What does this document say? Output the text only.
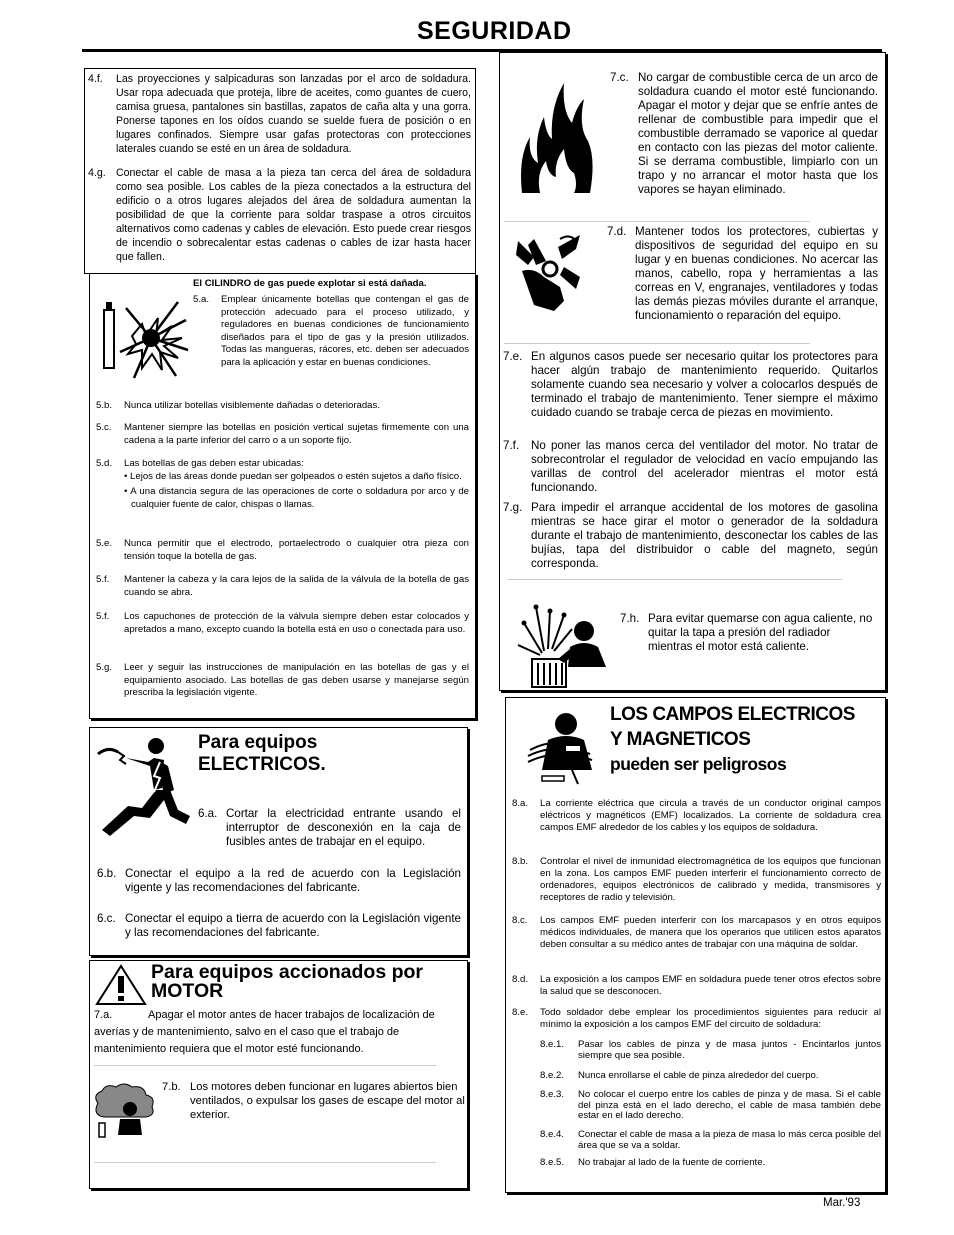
SEGURIDAD
4.f. Las proyecciones y salpicaduras son lanzadas por el arco de soldadura. Usar ropa adecuada que proteja, libre de aceites, como guantes de cuero, camisa gruesa, pantalones sin bastillas, zapatos de caña alta y una gorra. Ponerse tapones en los oídos cuando se suelde fuera de posición o en lugares confinados. Siempre usar gafas protectoras con protecciones laterales cuando se esté en un área de soldadura.
4.g. Conectar el cable de masa a la pieza tan cerca del área de soldadura como sea posible. Los cables de la pieza conectados a la estructura del edificio o a otros lugares alejados del área de soldadura aumentan la posibilidad de que la corriente para soldar traspase a otros circuitos alternativos como cadenas y cables de elevación. Esto puede crear riesgos de incendio o sobrecalentar estas cadenas o cables de izar hasta hacer que fallen.
El CILINDRO de gas puede explotar si está dañada.
5.a. Emplear únicamente botellas que contengan el gas de protección adecuado para el proceso utilizado, y reguladores en buenas condiciones de funcionamiento diseñados para el tipo de gas y la presión utilizados. Todas las mangueras, rácores, etc. deben ser adecuados para la aplicación y estar en buenas condiciones.
5.b. Nunca utilizar botellas visiblemente dañadas o deterioradas.
5.c. Mantener siempre las botellas en posición vertical sujetas firmemente con una cadena a la parte inferior del carro o a un soporte fijo.
5.d. Las botellas de gas deben estar ubicadas:
• Lejos de las áreas donde puedan ser golpeados o estén sujetos a daño físico.
• A una distancia segura de las operaciones de corte o soldadura por arco y de cualquier fuente de calor, chispas o llamas.
5.e. Nunca permitir que el electrodo, portaelectrodo o cualquier otra pieza con tensión toque la botella de gas.
5.f. Mantener la cabeza y la cara lejos de la salida de la válvula de la botella de gas cuando se abra.
5.f. Los capuchones de protección de la válvula siempre deben estar colocados y apretados a mano, excepto cuando la botella está en uso o conectada para uso.
5.g. Leer y seguir las instrucciones de manipulación en las botellas de gas y el equipamiento asociado. Las botellas de gas deben usarse y manejarse según prescriba la legislación vigente.
Para equipos
ELECTRICOS.
6.a. Cortar la electricidad entrante usando el interruptor de desconexión en la caja de fusibles antes de trabajar en el equipo.
6.b. Conectar el equipo a la red de acuerdo con la Legislación vigente y las recomendaciones del fabricante.
6.c. Conectar el equipo a tierra de acuerdo con la Legislación vigente y las recomendaciones del fabricante.
Para equipos accionados por
MOTOR
7.a.	Apagar el motor antes de hacer trabajos de localización de averías y de mantenimiento, salvo en el caso que el trabajo de mantenimiento requiera que el motor esté funcionando.
7.b. Los motores deben funcionar en lugares abiertos bien ventilados, o expulsar los gases de escape del motor al exterior.
7.c. No cargar de combustible cerca de un arco de soldadura cuando el motor esté funcionando. Apagar el motor y dejar que se enfríe antes de rellenar de combustible para impedir que el combustible derramado se vaporice al quedar en contacto con las piezas del motor caliente. Si se derrama combustible, limpiarlo con un trapo y no arrancar el motor hasta que los vapores se hayan eliminado.
7.d. Mantener todos los protectores, cubiertas y dispositivos de seguridad del equipo en su lugar y en buenas condiciones. No acercar las manos, cabello, ropa y herramientas a las correas en V, engranajes, ventiladores y todas las demás piezas móviles durante el arranque, funcionamiento o reparación del equipo.
7.e. En algunos casos puede ser necesario quitar los protectores para hacer algún trabajo de mantenimiento requerido. Quitarlos solamente cuando sea necesario y volver a colocarlos después de terminado el trabajo de mantenimiento. Tener siempre el máximo cuidado cuando se trabaje cerca de piezas en movimiento.
7.f. No poner las manos cerca del ventilador del motor. No tratar de sobrecontrolar el regulador de velocidad en vacío empujando las varillas de control del acelerador mientras el motor está funcionando.
7.g. Para impedir el arranque accidental de los motores de gasolina mientras se hace girar el motor o generador de la soldadura durante el trabajo de mantenimiento, desconectar los cables de las bujías, tapa del distribuidor o cable del magneto, según corresponda.
7.h. Para evitar quemarse con agua caliente, no quitar la tapa a presión del radiador mientras el motor está caliente.
LOS CAMPOS ELECTRICOS
Y MAGNETICOS
pueden ser peligrosos
8.a. La corriente eléctrica que circula a través de un conductor original campos eléctricos y magnéticos (EMF) localizados. La corriente de soldadura crea campos EMF alrededor de los cables y los equipos de soldadura.
8.b. Controlar el nivel de inmunidad electromagnética de los equipos que funcionan en la zona. Los campos EMF pueden interferir el funcionamiento correcto de ordenadores, equipos electrónicos de calibrado y medida, transmisores y receptores de radio y televisión.
8.c. Los campos EMF pueden interferir con los marcapasos y en otros equipos médicos individuales, de manera que los operarios que utilicen estos aparatos deben consultar a su médico antes de trabajar con una máquina de soldar.
8.d. La exposición a los campos EMF en soldadura puede tener otros efectos sobre la salud que se desconocen.
8.e. Todo soldador debe emplear los procedimientos siguientes para reducir al mínimo la exposición a los campos EMF del circuito de soldadura:
8.e.1. Pasar los cables de pinza y de masa juntos - Encintarlos juntos siempre que sea posible.
8.e.2. Nunca enrollarse el cable de pinza alrededor del cuerpo.
8.e.3. No colocar el cuerpo entre los cables de pinza y de masa. Si el cable del pinza está en el lado derecho, el cable de masa también debe estar en el lado derecho.
8.e.4. Conectar el cable de masa a la pieza de masa lo más cerca posible del área que se va a soldar.
8.e.5. No trabajar al lado de la fuente de corriente.
Mar.'93
